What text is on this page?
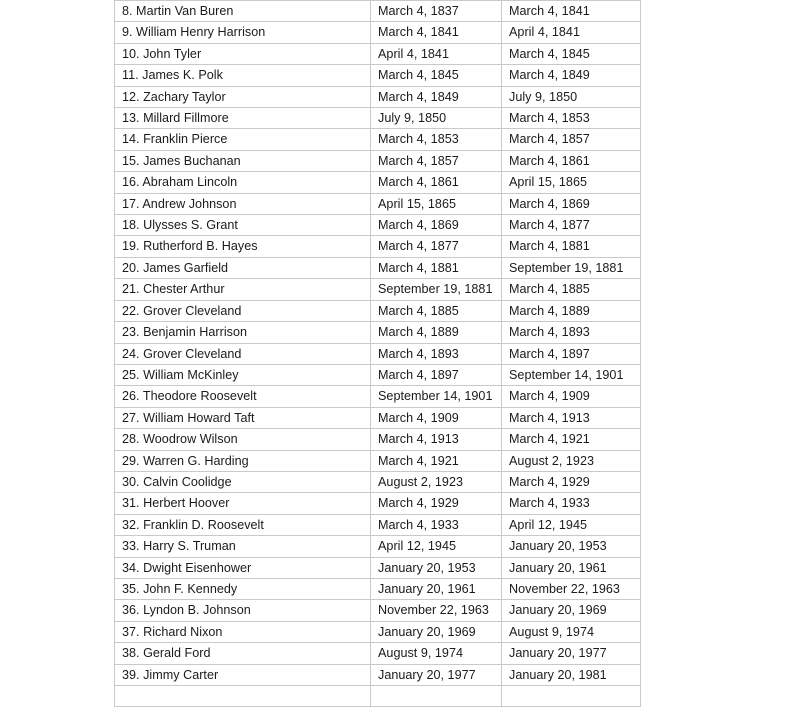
8. Martin Van Buren	March 4, 1837	March 4, 1841
9. William Henry Harrison	March 4, 1841	April 4, 1841
10. John Tyler	April 4, 1841	March 4, 1845
11. James K. Polk	March 4, 1845	March 4, 1849
12. Zachary Taylor	March 4, 1849	July 9, 1850
13. Millard Fillmore	July 9, 1850	March 4, 1853
14. Franklin Pierce	March 4, 1853	March 4, 1857
15. James Buchanan	March 4, 1857	March 4, 1861
16. Abraham Lincoln	March 4, 1861	April 15, 1865
17. Andrew Johnson	April 15, 1865	March 4, 1869
18. Ulysses S. Grant	March 4, 1869	March 4, 1877
19. Rutherford B. Hayes	March 4, 1877	March 4, 1881
20. James Garfield	March 4, 1881	September 19, 1881
21. Chester Arthur	September 19, 1881	March 4, 1885
22. Grover Cleveland	March 4, 1885	March 4, 1889
23. Benjamin Harrison	March 4, 1889	March 4, 1893
24. Grover Cleveland	March 4, 1893	March 4, 1897
25. William McKinley	March 4, 1897	September 14, 1901
26. Theodore Roosevelt	September 14, 1901	March 4, 1909
27. William Howard Taft	March 4, 1909	March 4, 1913
28. Woodrow Wilson	March 4, 1913	March 4, 1921
29. Warren G. Harding	March 4, 1921	August 2, 1923
30. Calvin Coolidge	August 2, 1923	March 4, 1929
31. Herbert Hoover	March 4, 1929	March 4, 1933
32. Franklin D. Roosevelt	March 4, 1933	April 12, 1945
33. Harry S. Truman	April 12, 1945	January 20, 1953
34. Dwight Eisenhower	January 20, 1953	January 20, 1961
35. John F. Kennedy	January 20, 1961	November 22, 1963
36. Lyndon B. Johnson	November 22, 1963	January 20, 1969
37. Richard Nixon	January 20, 1969	August 9, 1974
38. Gerald Ford	August 9, 1974	January 20, 1977
39. Jimmy Carter	January 20, 1977	January 20, 1981
